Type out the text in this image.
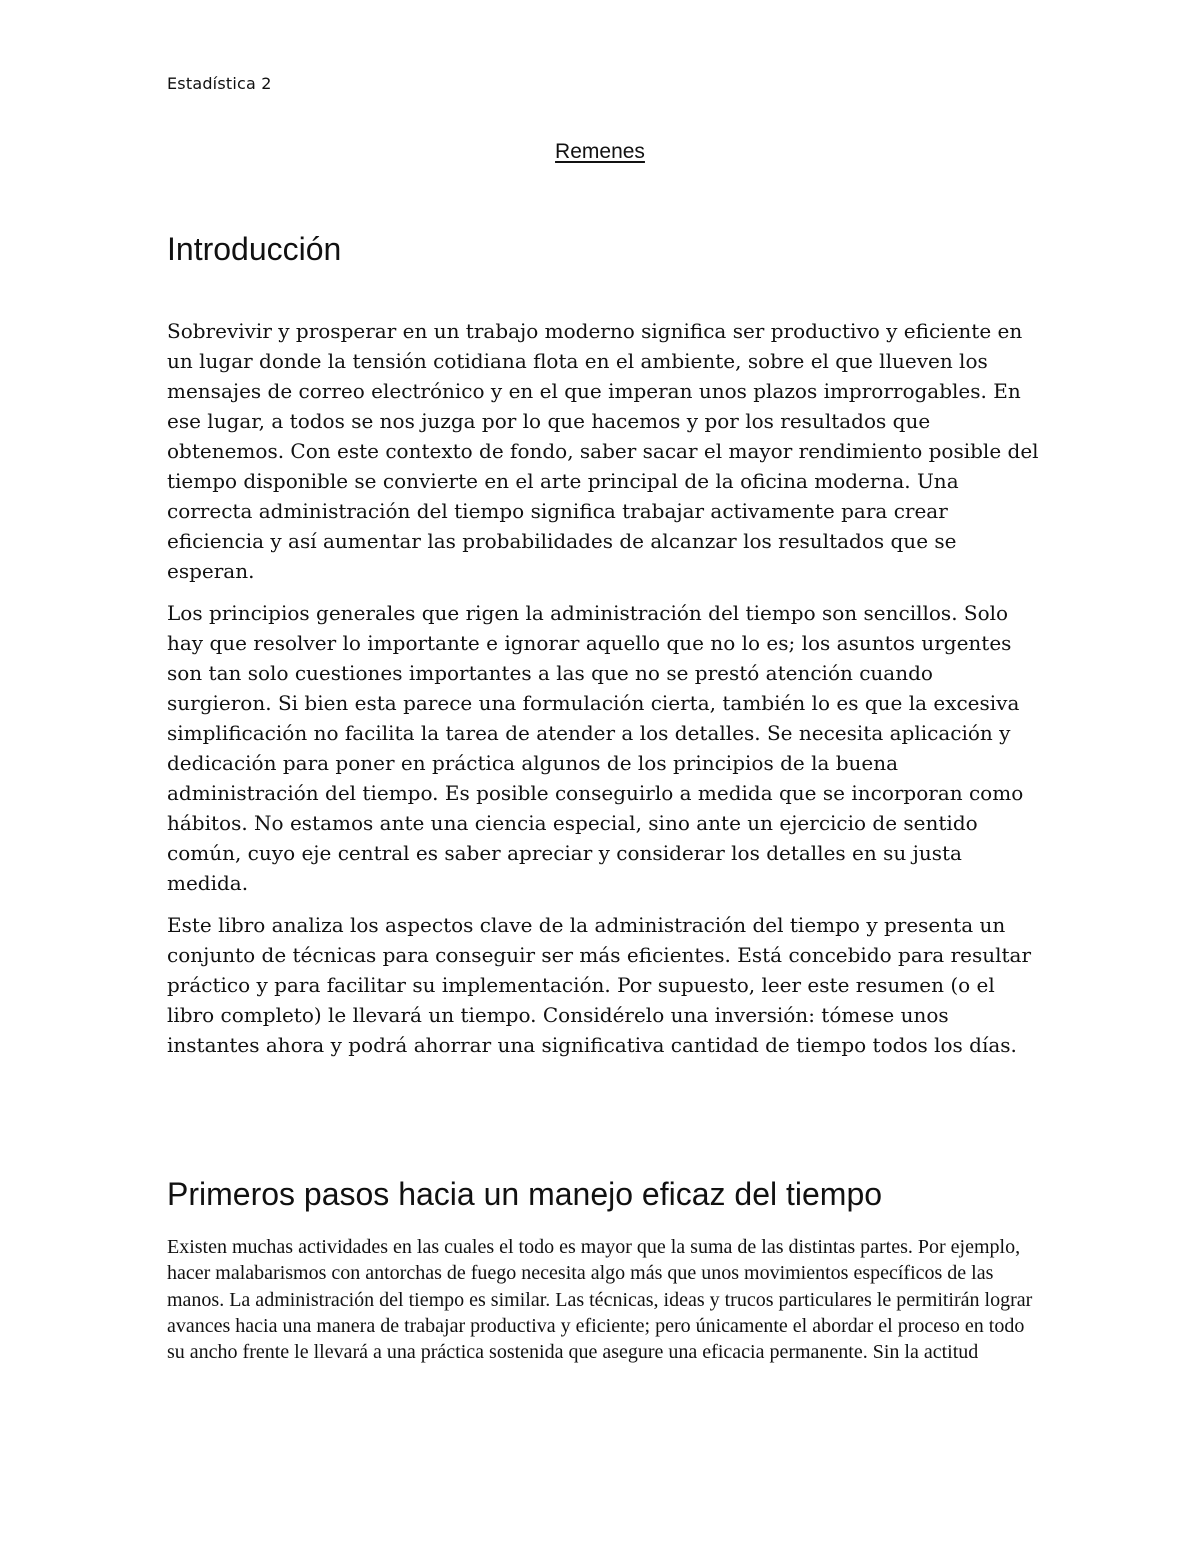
Estadística 2
Remenes
Introducción

Sobrevivir y prosperar en un trabajo moderno significa ser productivo y eficiente en un lugar donde la tensión cotidiana flota en el ambiente, sobre el que llueven los mensajes de correo electrónico y en el que imperan unos plazos improrrogables. En ese lugar, a todos se nos juzga por lo que hacemos y por los resultados que obtenemos. Con este contexto de fondo, saber sacar el mayor rendimiento posible del tiempo disponible se convierte en el arte principal de la oficina moderna. Una correcta administración del tiempo significa trabajar activamente para crear eficiencia y así aumentar las probabilidades de alcanzar los resultados que se esperan.

Los principios generales que rigen la administración del tiempo son sencillos. Solo hay que resolver lo importante e ignorar aquello que no lo es; los asuntos urgentes son tan solo cuestiones importantes a las que no se prestó atención cuando surgieron. Si bien esta parece una formulación cierta, también lo es que la excesiva simplificación no facilita la tarea de atender a los detalles. Se necesita aplicación y dedicación para poner en práctica algunos de los principios de la buena administración del tiempo. Es posible conseguirlo a medida que se incorporan como hábitos. No estamos ante una ciencia especial, sino ante un ejercicio de sentido común, cuyo eje central es saber apreciar y considerar los detalles en su justa medida.

Este libro analiza los aspectos clave de la administración del tiempo y presenta un conjunto de técnicas para conseguir ser más eficientes. Está concebido para resultar práctico y para facilitar su implementación. Por supuesto, leer este resumen (o el libro completo) le llevará un tiempo. Considérelo una inversión: tómese unos instantes ahora y podrá ahorrar una significativa cantidad de tiempo todos los días.

Primeros pasos hacia un manejo eficaz del tiempo

Existen muchas actividades en las cuales el todo es mayor que la suma de las distintas partes. Por ejemplo, hacer malabarismos con antorchas de fuego necesita algo más que unos movimientos específicos de las manos. La administración del tiempo es similar. Las técnicas, ideas y trucos particulares le permitirán lograr avances hacia una manera de trabajar productiva y eficiente; pero únicamente el abordar el proceso en todo su ancho frente le llevará a una práctica sostenida que asegure una eficacia permanente. Sin la actitud
